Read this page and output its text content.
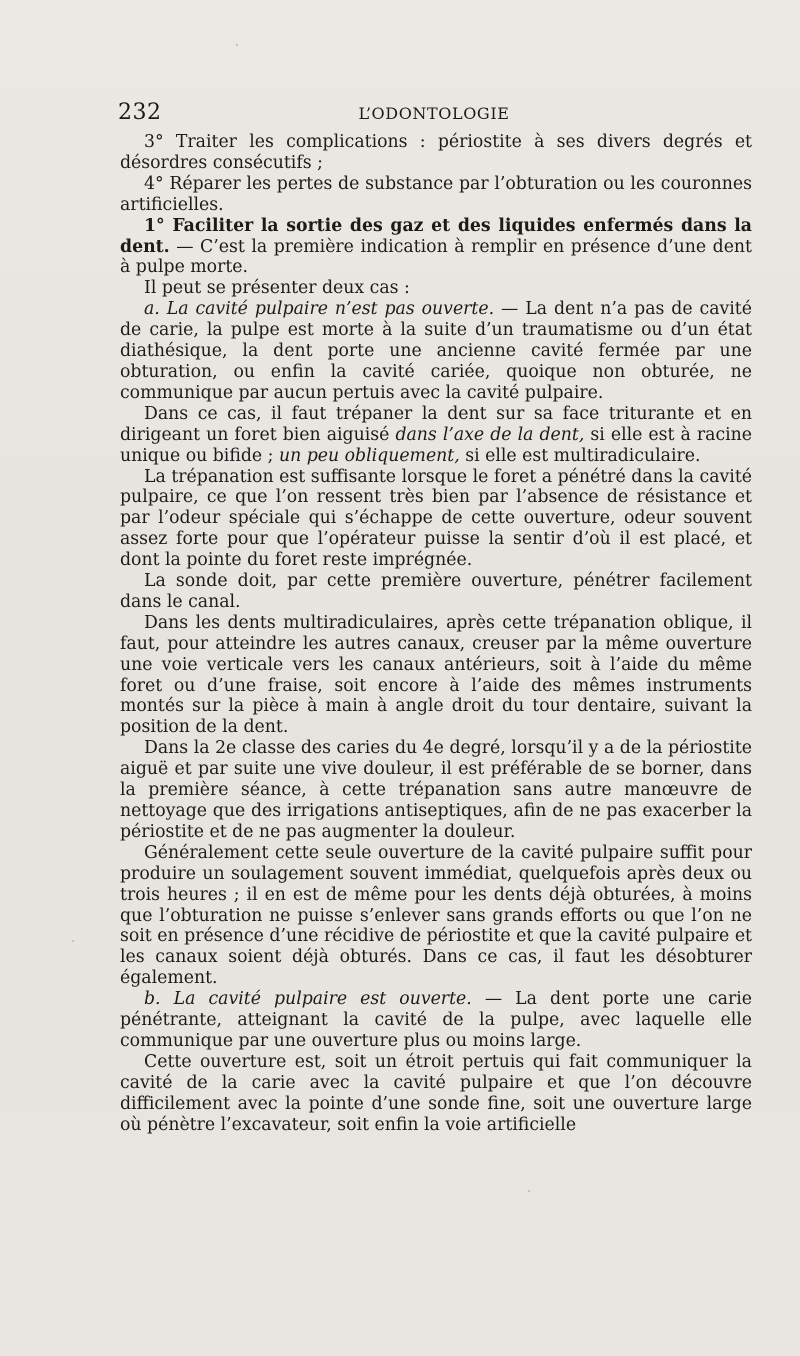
232	L’ODONTOLOGIE

3° Traiter les complications : périostite à ses divers degrés et désordres consécutifs ;

4° Réparer les pertes de substance par l’obturation ou les couronnes artificielles.

1° Faciliter la sortie des gaz et des liquides enfermés dans la dent. — C’est la première indication à remplir en présence d’une dent à pulpe morte.

Il peut se présenter deux cas :

a. La cavité pulpaire n’est pas ouverte. — La dent n’a pas de cavité de carie, la pulpe est morte à la suite d’un traumatisme ou d’un état diathésique, la dent porte une ancienne cavité fermée par une obturation, ou enfin la cavité cariée, quoique non obturée, ne communique par aucun pertuis avec la cavité pulpaire.

Dans ce cas, il faut trépaner la dent sur sa face triturante et en dirigeant un foret bien aiguisé dans l’axe de la dent, si elle est à racine unique ou bifide ; un peu obliquement, si elle est multiradiculaire.

La trépanation est suffisante lorsque le foret a pénétré dans la cavité pulpaire, ce que l’on ressent très bien par l’absence de résistance et par l’odeur spéciale qui s’échappe de cette ouverture, odeur souvent assez forte pour que l’opérateur puisse la sentir d’où il est placé, et dont la pointe du foret reste imprégnée.

La sonde doit, par cette première ouverture, pénétrer facilement dans le canal.

Dans les dents multiradiculaires, après cette trépanation oblique, il faut, pour atteindre les autres canaux, creuser par la même ouverture une voie verticale vers les canaux antérieurs, soit à l’aide du même foret ou d’une fraise, soit encore à l’aide des mêmes instruments montés sur la pièce à main à angle droit du tour dentaire, suivant la position de la dent.

Dans la 2e classe des caries du 4e degré, lorsqu’il y a de la périostite aiguë et par suite une vive douleur, il est préférable de se borner, dans la première séance, à cette trépanation sans autre manœuvre de nettoyage que des irrigations antiseptiques, afin de ne pas exacerber la périostite et de ne pas augmenter la douleur.

Généralement cette seule ouverture de la cavité pulpaire suffit pour produire un soulagement souvent immédiat, quelquefois après deux ou trois heures ; il en est de même pour les dents déjà obturées, à moins que l’obturation ne puisse s’enlever sans grands efforts ou que l’on ne soit en présence d’une récidive de périostite et que la cavité pulpaire et les canaux soient déjà obturés. Dans ce cas, il faut les désobturer également.

b. La cavité pulpaire est ouverte. — La dent porte une carie pénétrante, atteignant la cavité de la pulpe, avec laquelle elle communique par une ouverture plus ou moins large.

Cette ouverture est, soit un étroit pertuis qui fait communiquer la cavité de la carie avec la cavité pulpaire et que l’on découvre difficilement avec la pointe d’une sonde fine, soit une ouverture large où pénètre l’excavateur, soit enfin la voie artificielle
